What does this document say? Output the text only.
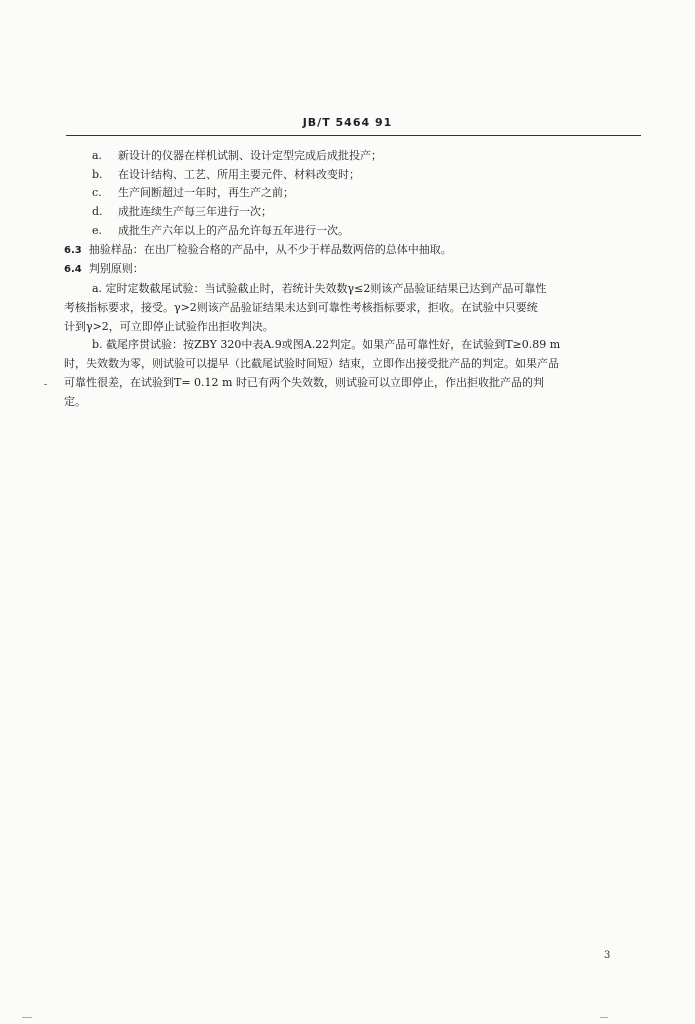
JB/T 5464 91
a. 新设计的仪器在样机试制、设计定型完成后成批投产；
b. 在设计结构、工艺、所用主要元件、材料改变时；
c. 生产间断超过一年时，再生产之前；
d. 成批连续生产每三年进行一次；
e. 成批生产六年以上的产品允许每五年进行一次。
6.3 抽验样品：在出厂检验合格的产品中，从不少于样品数两倍的总体中抽取。
6.4 判别原则：
a. 定时定数截尾试验：当试验截止时，若统计失效数γ≤2则该产品验证结果已达到产品可靠性
考核指标要求，接受。γ>2则该产品验证结果未达到可靠性考核指标要求，拒收。在试验中只要统
计到γ>2，可立即停止试验作出拒收判决。
b. 截尾序贯试验：按ZBY 320中表A.9或图A.22判定。如果产品可靠性好，在试验到T≥0.89 m
时，失效数为零，则试验可以提早（比截尾试验时间短）结束，立即作出接受批产品的判定。如果产品
可靠性很差，在试验到T= 0.12 m 时已有两个失效数，则试验可以立即停止，作出拒收批产品的判
定。
3
